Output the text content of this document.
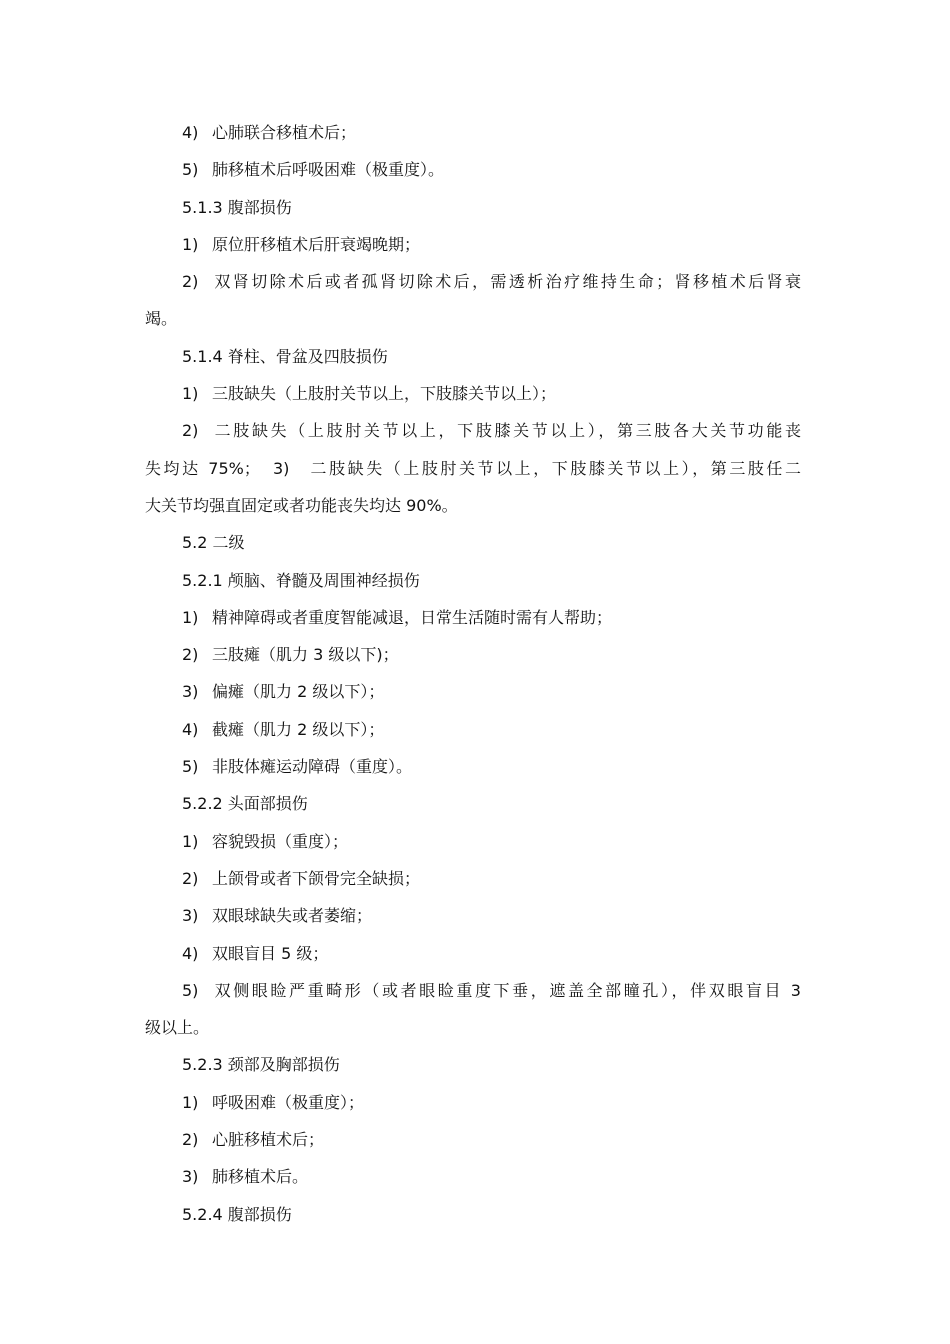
4) 心肺联合移植术后；
5) 肺移植术后呼吸困难（极重度）。
5.1.3 腹部损伤
1) 原位肝移植术后肝衰竭晚期；
2) 双肾切除术后或者孤肾切除术后，需透析治疗维持生命；肾移植术后肾衰
竭。
5.1.4 脊柱、骨盆及四肢损伤
1) 三肢缺失（上肢肘关节以上，下肢膝关节以上）；
2) 二肢缺失（上肢肘关节以上，下肢膝关节以上），第三肢各大关节功能丧
失均达 75%；　3)　二肢缺失（上肢肘关节以上，下肢膝关节以上），第三肢任二
大关节均强直固定或者功能丧失均达 90%。
5.2 二级
5.2.1 颅脑、脊髓及周围神经损伤
1) 精神障碍或者重度智能减退，日常生活随时需有人帮助；
2) 三肢瘫（肌力 3 级以下)；
3) 偏瘫（肌力 2 级以下）；
4) 截瘫（肌力 2 级以下）；
5) 非肢体瘫运动障碍（重度）。
5.2.2 头面部损伤
1) 容貌毁损（重度）；
2) 上颌骨或者下颌骨完全缺损；
3) 双眼球缺失或者萎缩；
4) 双眼盲目 5 级；
5) 双侧眼睑严重畸形（或者眼睑重度下垂，遮盖全部瞳孔），伴双眼盲目 3
级以上。
5.2.3 颈部及胸部损伤
1) 呼吸困难（极重度）；
2) 心脏移植术后；
3) 肺移植术后。
5.2.4 腹部损伤
